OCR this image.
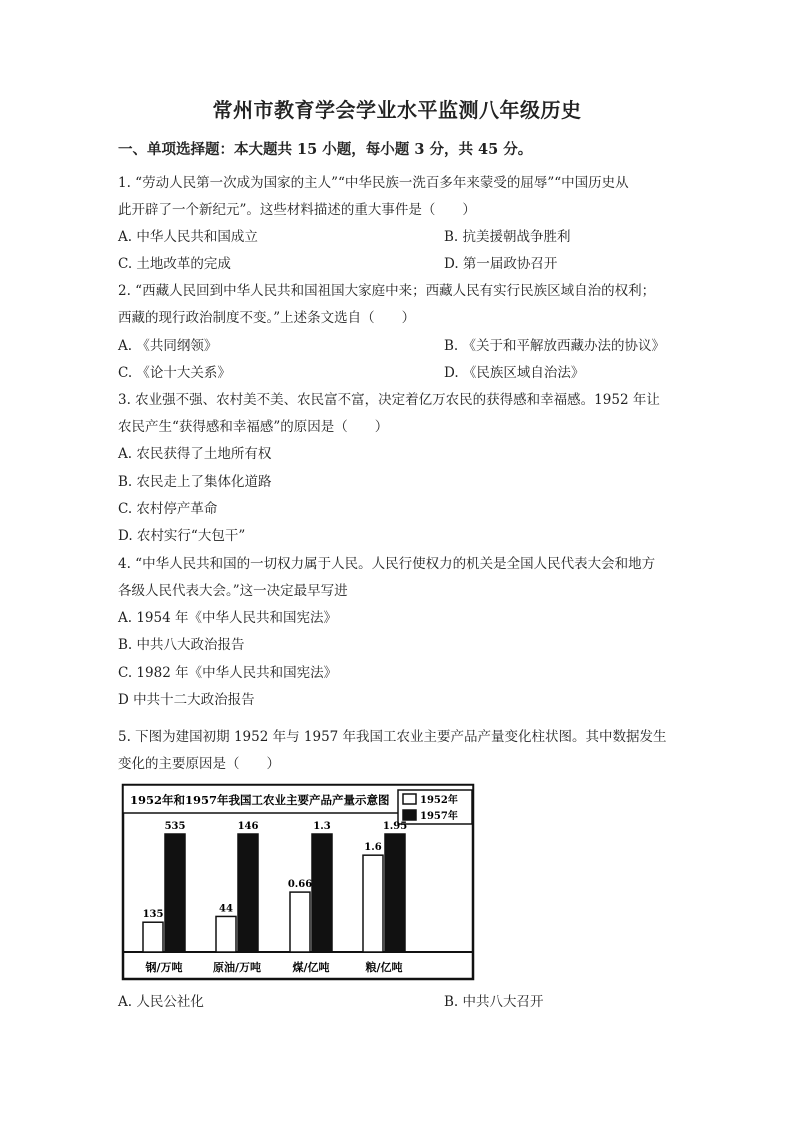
常州市教育学会学业水平监测八年级历史
一、单项选择题：本大题共 15 小题，每小题 3 分，共 45 分。
1. “劳动人民第一次成为国家的主人”“中华民族一洗百多年来蒙受的屈辱”“中国历史从
此开辟了一个新纪元”。这些材料描述的重大事件是（　　）
A. 中华人民共和国成立	B. 抗美援朝战争胜利
C. 土地改革的完成	D. 第一届政协召开
2. “西藏人民回到中华人民共和国祖国大家庭中来；西藏人民有实行民族区域自治的权利；
西藏的现行政治制度不变。”上述条文选自（　　）
A. 《共同纲领》	B. 《关于和平解放西藏办法的协议》
C. 《论十大关系》	D. 《民族区域自治法》
3. 农业强不强、农村美不美、农民富不富，决定着亿万农民的获得感和幸福感。1952 年让
农民产生“获得感和幸福感”的原因是（　　）
A. 农民获得了土地所有权
B. 农民走上了集体化道路
C. 农村停产革命
D. 农村实行“大包干”
4. “中华人民共和国的一切权力属于人民。人民行使权力的机关是全国人民代表大会和地方
各级人民代表大会。”这一决定最早写进
A. 1954 年《中华人民共和国宪法》
B. 中共八大政治报告
C. 1982 年《中华人民共和国宪法》
D 中共十二大政治报告
5. 下图为建国初期 1952 年与 1957 年我国工农业主要产品产量变化柱状图。其中数据发生
变化的主要原因是（　　）
1952年和1957年我国工农业主要产品产量示意图	1952年
1957年
135
535
钢/万吨
44
146
原油/万吨
0.66
1.3
煤/亿吨
1.6
1.95
粮/亿吨
A. 人民公社化	B. 中共八大召开
